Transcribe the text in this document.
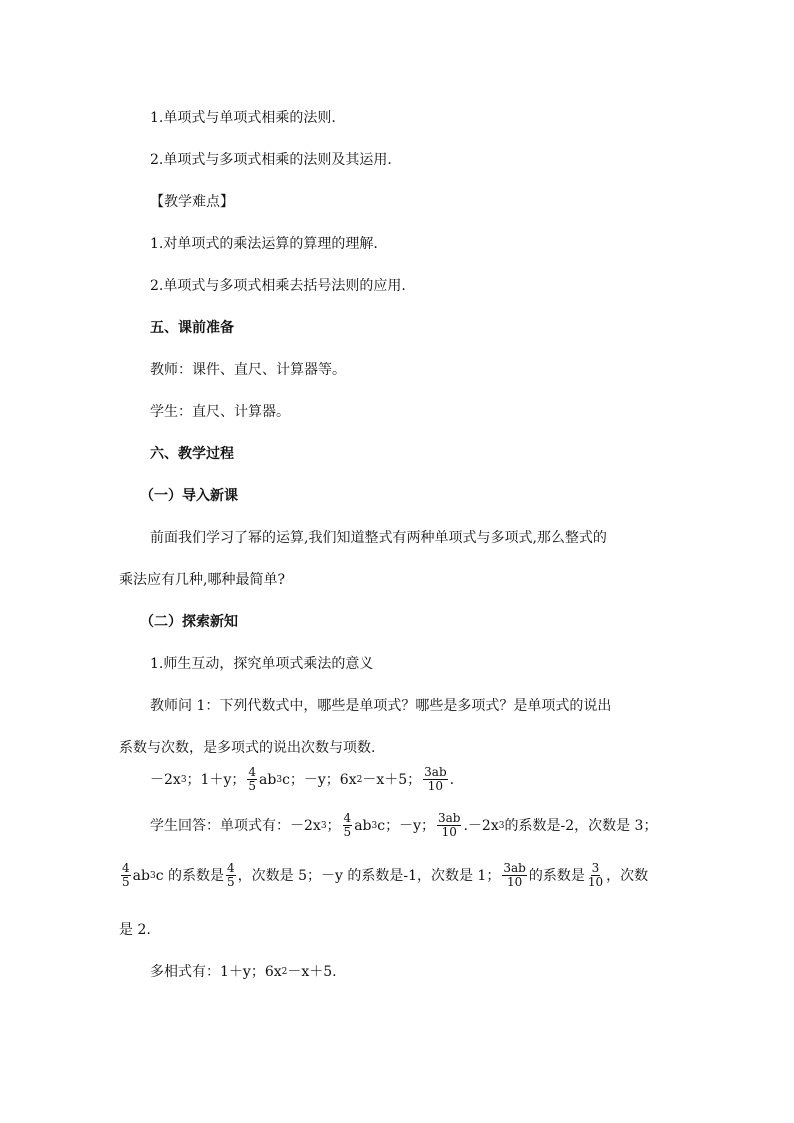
1.单项式与单项式相乘的法则.
2.单项式与多项式相乘的法则及其运用.
【教学难点】
1.对单项式的乘法运算的算理的理解.
2.单项式与多项式相乘去括号法则的应用.
五、课前准备
教师：课件、直尺、计算器等。
学生：直尺、计算器。
六、教学过程
（一）导入新课
前面我们学习了幂的运算,我们知道整式有两种单项式与多项式,那么整式的
乘法应有几种,哪种最简单?
（二）探索新知
1.师生互动，探究单项式乘法的意义
教师问 1：下列代数式中，哪些是单项式？哪些是多项式？是单项式的说出
系数与次数，是多项式的说出次数与项数.
－2x 3 ；1＋y； $\frac{4}{5}$ ab 3 c；－y；6x 2 －x＋5； $\frac{3ab}{10}$ .
学生回答：单项式有：－2x 3 ； $\frac{4}{5}$ ab 3 c；－y； $\frac{3ab}{10} .-2x$ 3 的系数是-2，次数是 3；
$\frac{4}{5}$ ab 3 c 的系数是 $\frac{4}{5}$ ，次数是 5；－y 的系数是-1，次数是 1； $\frac{3ab}{10}$ 的系数是 $\frac{3}{10}$ ，次数
是 2.
多相式有：1＋y；6x 2 －x＋5.
